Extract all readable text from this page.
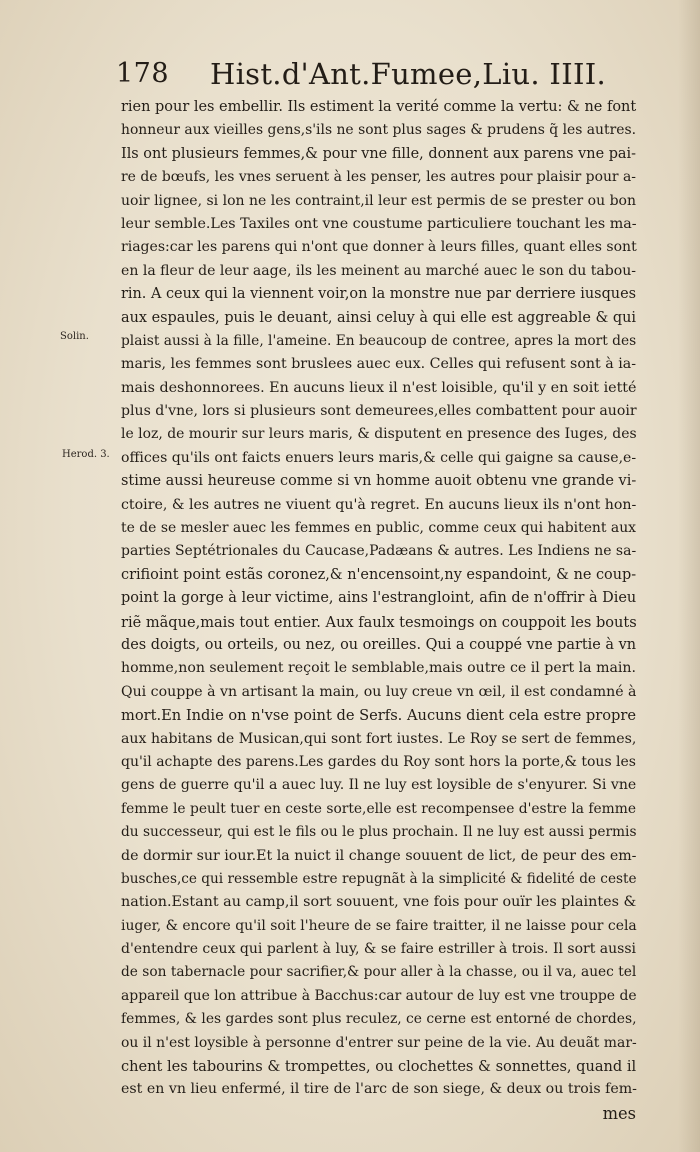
178 Hist.d'Ant.Fumee,Liu. IIII.
Solin.
Herod. 3.
rien pour les embellir. Ils estiment la verité comme la vertu: & ne font
honneur aux vieilles gens,s'ils ne sont plus sages & prudens q̃ les autres.
Ils ont plusieurs femmes,& pour vne fille, donnent aux parens vne pai-
re de bœufs, les vnes seruent à les penser, les autres pour plaisir pour a-
uoir lignee, si lon ne les contraint,il leur est permis de se prester ou bon
leur semble.Les Taxiles ont vne coustume particuliere touchant les ma-
riages:car les parens qui n'ont que donner à leurs filles, quant elles sont
en la fleur de leur aage, ils les meinent au marché auec le son du tabou-
rin. A ceux qui la viennent voir,on la monstre nue par derriere iusques
aux espaules, puis le deuant, ainsi celuy à qui elle est aggreable & qui
plaist aussi à la fille, l'ameine. En beaucoup de contree, apres la mort des
maris, les femmes sont bruslees auec eux. Celles qui refusent sont à ia-
mais deshonnorees. En aucuns lieux il n'est loisible, qu'il y en soit ietté
plus d'vne, lors si plusieurs sont demeurees,elles combattent pour auoir
le loz, de mourir sur leurs maris, & disputent en presence des Iuges, des
offices qu'ils ont faicts enuers leurs maris,& celle qui gaigne sa cause,e-
stime aussi heureuse comme si vn homme auoit obtenu vne grande vi-
ctoire, & les autres ne viuent qu'à regret. En aucuns lieux ils n'ont hon-
te de se mesler auec les femmes en public, comme ceux qui habitent aux
parties Septétrionales du Caucase,Padæans & autres. Les Indiens ne sa-
crifioint point estãs coronez,& n'encensoint,ny espandoint, & ne coup-
point la gorge à leur victime, ains l'estrangloint, afin de n'offrir à Dieu
riẽ mãque,mais tout entier. Aux faulx tesmoings on couppoit les bouts
des doigts, ou orteils, ou nez, ou oreilles. Qui a couppé vne partie à vn
homme,non seulement reçoit le semblable,mais outre ce il pert la main.
Qui couppe à vn artisant la main, ou luy creue vn œil, il est condamné à
mort.En Indie on n'vse point de Serfs. Aucuns dient cela estre propre
aux habitans de Musican,qui sont fort iustes. Le Roy se sert de femmes,
qu'il achapte des parens.Les gardes du Roy sont hors la porte,& tous les
gens de guerre qu'il a auec luy. Il ne luy est loysible de s'enyurer. Si vne
femme le peult tuer en ceste sorte,elle est recompensee d'estre la femme
du successeur, qui est le fils ou le plus prochain. Il ne luy est aussi permis
de dormir sur iour.Et la nuict il change souuent de lict, de peur des em-
busches,ce qui ressemble estre repugnãt à la simplicité & fidelité de ceste
nation.Estant au camp,il sort souuent, vne fois pour ouïr les plaintes &
iuger, & encore qu'il soit l'heure de se faire traitter, il ne laisse pour cela
d'entendre ceux qui parlent à luy, & se faire estriller à trois. Il sort aussi
de son tabernacle pour sacrifier,& pour aller à la chasse, ou il va, auec tel
appareil que lon attribue à Bacchus:car autour de luy est vne trouppe de
femmes, & les gardes sont plus reculez, ce cerne est entorné de chordes,
ou il n'est loysible à personne d'entrer sur peine de la vie. Au deuãt mar-
chent les tabourins & trompettes, ou clochettes & sonnettes, quand il
est en vn lieu enfermé, il tire de l'arc de son siege, & deux ou trois fem-
mes
